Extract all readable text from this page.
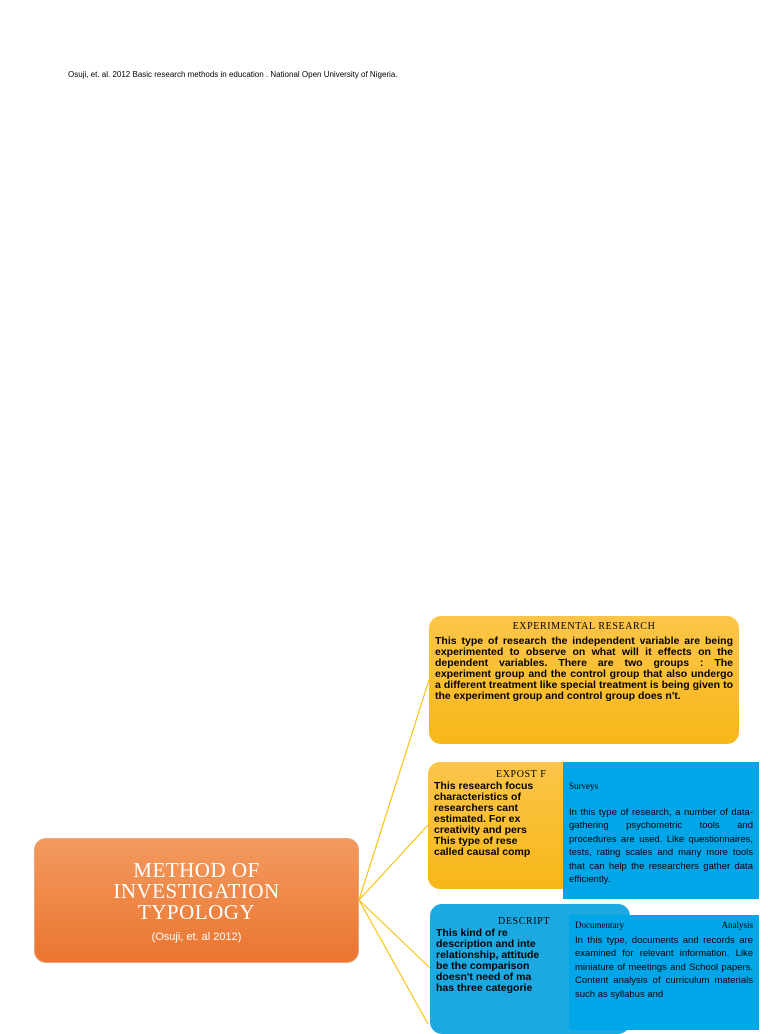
Osuji, et. al. 2012 Basic research methods in education . National Open University of Nigeria.
METHOD OF
INVESTIGATION
TYPOLOGY
(Osuji, et. al 2012)
EXPERIMENTAL RESEARCH
This type of research the independent variable are being experimented to observe on what will it effects on the dependent variables. There are two groups : The experiment group and the control group that also undergo a different treatment like special treatment is being given to the experiment group and control group does n't.
EXPOST F
This research focus
characteristics of
researchers cant
estimated. For ex
creativity and pers
This type of rese
called causal comp
DESCRIPT
This kind of re
description and inte
relationship, attitude
be the comparison
doesn't need of ma
has three categorie
Surveys
In this type of research, a number of data-gathering psychometric tools and procedures are used. Like questionnaires, tests, rating scales and many more tools that can help the researchers gather data efficiently.
Documentary	Analysis
In this type, documents and records are examined for relevant information. Like miniature of meetings and School papers. Content analysis of curriculum materials such as syllabus and
